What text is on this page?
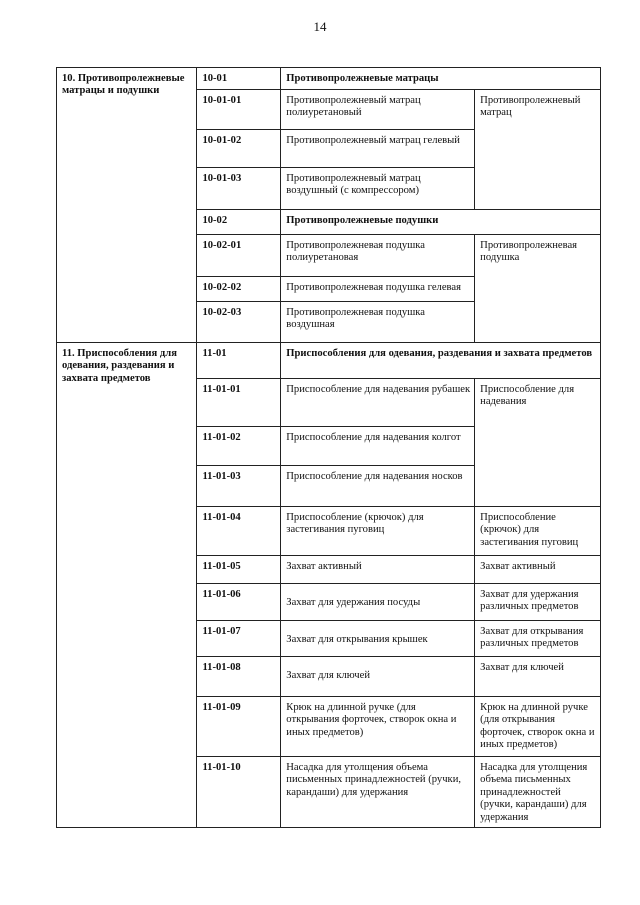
14
10. Противопролежневые матрацы и подушки	10-01	Противопролежневые матрацы	
	10-01-01	Противопролежневый матрац полиуретановый	Противопролежневый матрац
	10-01-02	Противопролежневый матрац гелевый	
	10-01-03	Противопролежневый матрац воздушный (с компрессором)	
	10-02	Противопролежневые подушки	
	10-02-01	Противопролежневая подушка полиуретановая	Противопролежневая подушка
	10-02-02	Противопролежневая подушка гелевая	
	10-02-03	Противопролежневая подушка воздушная	
11. Приспособления для одевания, раздевания и захвата предметов	11-01	Приспособления для одевания, раздевания и захвата предметов	
	11-01-01	Приспособление для надевания рубашек	Приспособление для надевания
	11-01-02	Приспособление для надевания колгот	
	11-01-03	Приспособление для надевания носков	
	11-01-04	Приспособление (крючок) для застегивания пуговиц	Приспособление (крючок) для застегивания пуговиц
	11-01-05	Захват активный	Захват активный
	11-01-06	Захват для удержания посуды	Захват для удержания различных предметов
	11-01-07	Захват для открывания крышек	Захват для открывания различных предметов
	11-01-08	Захват для ключей	Захват для ключей
	11-01-09	Крюк на длинной ручке (для открывания форточек, створок окна и иных предметов)	Крюк на длинной ручке (для открывания форточек, створок окна и иных предметов)
	11-01-10	Насадка для утолщения объема письменных принадлежностей (ручки, карандаши) для удержания	Насадка для утолщения объема письменных принадлежностей (ручки, карандаши) для удержания
